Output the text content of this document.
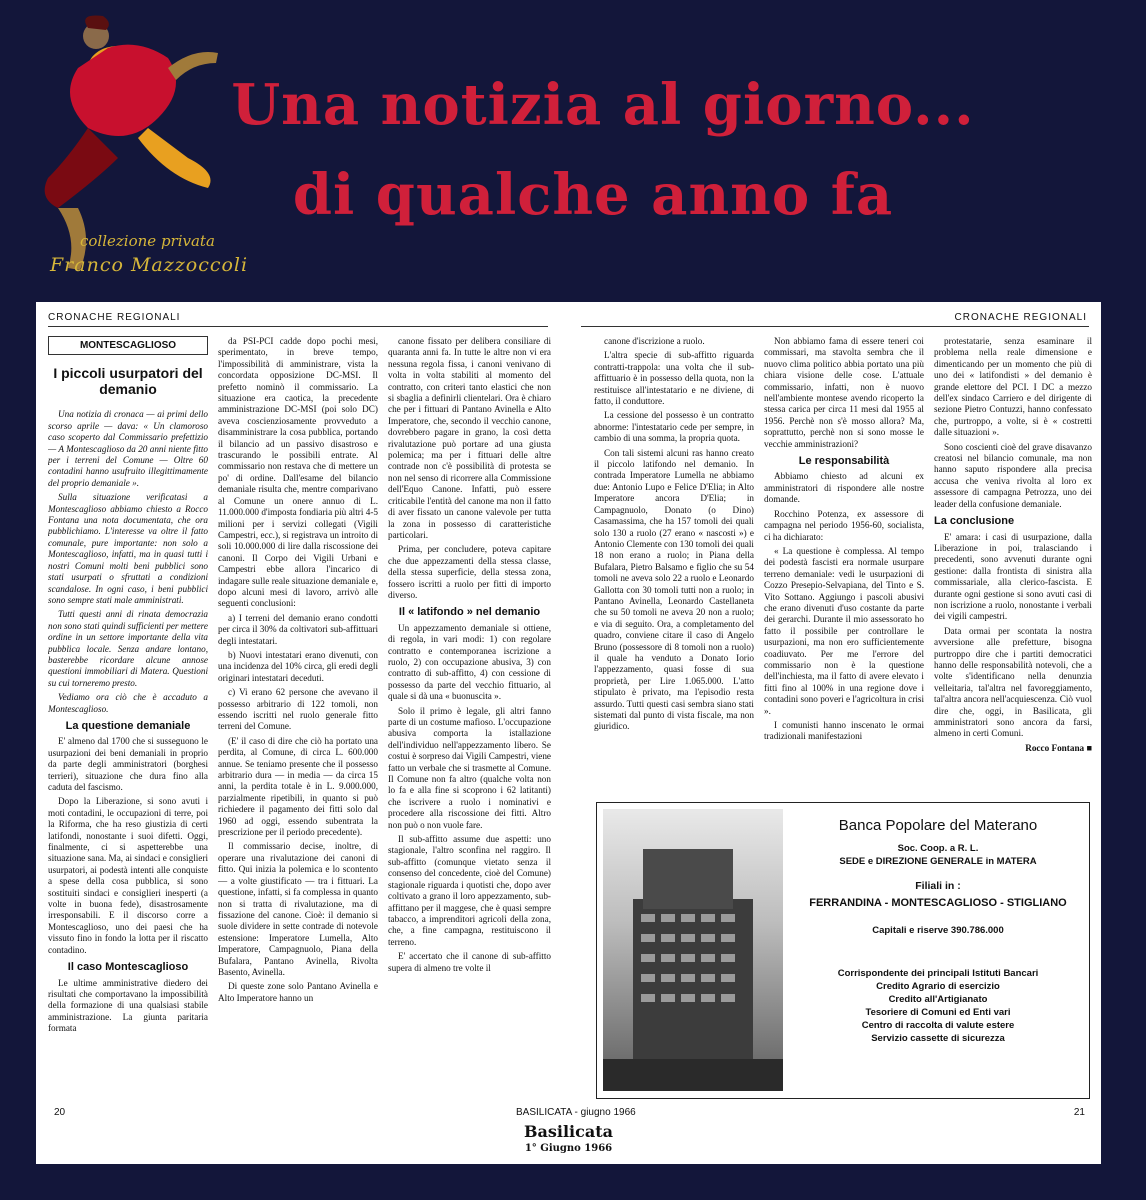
collezione privata
Franco Mazzoccoli
Una notizia al giorno...
di qualche anno fa
CRONACHE REGIONALI	CRONACHE REGIONALI
MONTESCAGLIOSO
I piccoli usurpatori del demanio

Una notizia di cronaca — ai primi dello scorso aprile — dava: « Un clamoroso caso scoperto dal Commissario prefettizio — A Montescaglioso da 20 anni niente fitto per i terreni del Comune — Oltre 60 contadini hanno usufruito illegittimamente del proprio demaniale ».

Sulla situazione verificatasi a Montescaglioso abbiamo chiesto a Rocco Fontana una nota documentata, che ora pubblichiamo. L'interesse va oltre il fatto comunale, pure importante: non solo a Montescaglioso, infatti, ma in quasi tutti i nostri Comuni molti beni pubblici sono stati usurpati o sfruttati a condizioni scandalose. In ogni caso, i beni pubblici sono sempre stati male amministrati.

Tutti questi anni di rinata democrazia non sono stati quindi sufficienti per mettere ordine in un settore importante della vita pubblica locale. Senza andare lontano, basterebbe ricordare alcune annose questioni immobiliari di Matera. Questioni su cui torneremo presto.

Vediamo ora ciò che è accaduto a Montescaglioso.

La questione demaniale

E' almeno dal 1700 che si susseguono le usurpazioni dei beni demaniali in proprio da parte degli amministratori (borghesi terrieri), situazione che dura fino alla caduta del fascismo.

Dopo la Liberazione, si sono avuti i moti contadini, le occupazioni di terre, poi la Riforma, che ha reso giustizia di certi latifondi, nonostante i suoi difetti. Oggi, finalmente, ci si aspetterebbe una situazione sana. Ma, ai sindaci e consiglieri usurpatori, ai podestà intenti alle conquiste a spese della cosa pubblica, si sono sostituiti sindaci e consiglieri inesperti (a volte in buona fede), disastrosamente irresponsabili. E il discorso corre a Montescaglioso, uno dei paesi che ha vissuto fino in fondo la lotta per il riscatto contadino.

Il caso Montescaglioso

Le ultime amministrative diedero dei risultati che comportavano la impossibilità della formazione di una qualsiasi stabile amministrazione. La giunta paritaria formata

da PSI-PCI cadde dopo pochi mesi, sperimentato, in breve tempo, l'impossibilità di amministrare, vista la concordata opposizione DC-MSI. Il prefetto nominò il commissario. La situazione era caotica, la precedente amministrazione DC-MSI (poi solo DC) aveva coscienziosamente provveduto a disamministrare la cosa pubblica, portando il bilancio ad un passivo disastroso e trascurando le possibili entrate. Al commissario non restava che di mettere un po' di ordine. Dall'esame del bilancio demaniale risulta che, mentre comparivano al Comune un onere annuo di L. 11.000.000 d'imposta fondiaria più altri 4-5 milioni per i servizi collegati (Vigili Campestri, ecc.), si registrava un introito di soli 10.000.000 di lire dalla riscossione dei canoni. Il Corpo dei Vigili Urbani e Campestri ebbe allora l'incarico di indagare sulle reale situazione demaniale e, dopo alcuni mesi di lavoro, arrivò alle seguenti conclusioni:

a) I terreni del demanio erano condotti per circa il 30% da coltivatori sub-affittuari degli intestatari.

b) Nuovi intestatari erano divenuti, con una incidenza del 10% circa, gli eredi degli originari intestatari deceduti.

c) Vi erano 62 persone che avevano il possesso arbitrario di 122 tomoli, non essendo iscritti nel ruolo generale fitto terreni del Comune.

(E' il caso di dire che ciò ha portato una perdita, al Comune, di circa L. 600.000 annue. Se teniamo presente che il possesso arbitrario dura — in media — da circa 15 anni, la perdita totale è in L. 9.000.000, parzialmente ripetibili, in quanto si può richiedere il pagamento dei fitti solo dal 1960 ad oggi, essendo subentrata la prescrizione per il periodo precedente).

Il commissario decise, inoltre, di operare una rivalutazione dei canoni di fitto. Qui inizia la polemica e lo scontento — a volte giustificato — tra i fittuari. La questione, infatti, si fa complessa in quanto non si tratta di rivalutazione, ma di fissazione del canone. Cioè: il demanio si suole dividere in sette contrade di notevole estensione: Imperatore Lumella, Alto Imperatore, Campagnuolo, Piana della Bufalara, Pantano Avinella, Rivolta Basento, Avinella.

Di queste zone solo Pantano Avinella e Alto Imperatore hanno un

canone fissato per delibera consiliare di quaranta anni fa. In tutte le altre non vi era nessuna regola fissa, i canoni venivano di volta in volta stabiliti al momento del contratto, con criteri tanto elastici che non si sbaglia a definirli clientelari. Ora è chiaro che per i fittuari di Pantano Avinella e Alto Imperatore, che, secondo il vecchio canone, dovrebbero pagare in grano, la così detta rivalutazione può portare ad una giusta polemica; ma per i fittuari delle altre contrade non c'è possibilità di protesta se non nel senso di ricorrere alla Commissione dell'Equo Canone. Infatti, può essere criticabile l'entità del canone ma non il fatto di aver fissato un canone valevole per tutta la zona in possesso di caratteristiche particolari.

Prima, per concludere, poteva capitare che due appezzamenti della stessa classe, della stessa superficie, della stessa zona, fossero iscritti a ruolo per fitti di importo diverso.

Il « latifondo » nel demanio

Un appezzamento demaniale si ottiene, di regola, in vari modi: 1) con regolare contratto e contemporanea iscrizione a ruolo, 2) con occupazione abusiva, 3) con contratto di sub-affitto, 4) con cessione di possesso da parte del vecchio fittuario, al quale si dà una « buonuscita ».

Solo il primo è legale, gli altri fanno parte di un costume mafioso. L'occupazione abusiva comporta la istallazione dell'individuo nell'appezzamento libero. Se costui è sorpreso dai Vigili Campestri, viene fatto un verbale che si trasmette al Comune. Il Comune non fa altro (qualche volta non lo fa e alla fine si scoprono i 62 latitanti) che iscrivere a ruolo i nominativi e procedere alla riscossione dei fitti. Altro non può o non vuole fare.

Il sub-affitto assume due aspetti: uno stagionale, l'altro sconfina nel raggiro. Il sub-affitto (comunque vietato senza il consenso del concedente, cioè del Comune) stagionale riguarda i quotisti che, dopo aver coltivato a grano il loro appezzamento, sub-affittano per il maggese, che è quasi sempre tabacco, a imprenditori agricoli della zona, che, a fine campagna, restituiscono il terreno.

E' accertato che il canone di sub-affitto supera di almeno tre volte il

canone d'iscrizione a ruolo.

L'altra specie di sub-affitto riguarda contratti-trappola: una volta che il sub-affittuario è in possesso della quota, non la restituisce all'intestatario e ne diviene, di fatto, il conduttore.

La cessione del possesso è un contratto abnorme: l'intestatario cede per sempre, in cambio di una somma, la propria quota.

Con tali sistemi alcuni ras hanno creato il piccolo latifondo nel demanio. In contrada Imperatore Lumella ne abbiamo due: Antonio Lupo e Felice D'Elia; in Alto Imperatore ancora D'Elia; in Campagnuolo, Donato (o Dino) Casamassima, che ha 157 tomoli dei quali solo 130 a ruolo (27 erano « nascosti ») e Antonio Clemente con 130 tomoli dei quali 18 non erano a ruolo; in Piana della Bufalara, Pietro Balsamo e figlio che su 54 tomoli ne aveva solo 22 a ruolo e Leonardo Gallotta con 30 tomoli tutti non a ruolo; in Pantano Avinella, Leonardo Castellaneta che su 50 tomoli ne aveva 20 non a ruolo; e via di seguito. Ora, a completamento del quadro, conviene citare il caso di Angelo Bruno (possessore di 8 tomoli non a ruolo) il quale ha venduto a Donato Iorio l'appezzamento, quasi fosse di sua proprietà, per Lire 1.065.000. L'atto stipulato è privato, ma l'episodio resta assurdo. Tutti questi casi sembra siano stati sistemati dal punto di vista fiscale, ma non giuridico.

Non abbiamo fama di essere teneri coi commissari, ma stavolta sembra che il nuovo clima politico abbia portato una più chiara visione delle cose. L'attuale commissario, infatti, non è nuovo nell'ambiente montese avendo ricoperto la stessa carica per circa 11 mesi dal 1955 al 1956. Perchè non s'è mosso allora? Ma, soprattutto, perchè non si sono mosse le vecchie amministrazioni?

Le responsabilità

Abbiamo chiesto ad alcuni ex amministratori di rispondere alle nostre domande.

Rocchino Potenza, ex assessore di campagna nel periodo 1956-60, socialista, ci ha dichiarato:

« La questione è complessa. Al tempo dei podestà fascisti era normale usurpare terreno demaniale: vedi le usurpazioni di Cozzo Presepio-Selvapiana, del Tinto e S. Vito Sottano. Aggiungo i pascoli abusivi che erano divenuti d'uso costante da parte dei gerarchi. Durante il mio assessorato ho fatto il possibile per controllare le usurpazioni, ma non ero sufficientemente coadiuvato. Per me l'errore del commissario non è la questione dell'inchiesta, ma il fatto di avere elevato i fitti fino al 100% in una regione dove i contadini sono poveri e l'agricoltura in crisi ».

I comunisti hanno inscenato le ormai tradizionali manifestazioni

protestatarie, senza esaminare il problema nella reale dimensione e dimenticando per un momento che più di uno dei « latifondisti » del demanio è grande elettore del PCI. I DC a mezzo dell'ex sindaco Carriero e del dirigente di sezione Pietro Contuzzi, hanno confessato che, purtroppo, a volte, si è « costretti dalle situazioni ».

Sono coscienti cioè del grave disavanzo creatosi nel bilancio comunale, ma non hanno saputo rispondere alla precisa accusa che veniva rivolta al loro ex assessore di campagna Petrozza, uno dei leader della confusione demaniale.

La conclusione

E' amara: i casi di usurpazione, dalla Liberazione in poi, tralasciando i precedenti, sono avvenuti durante ogni gestione: dalla frontista di sinistra alla commissariale, alla clerico-fascista. E durante ogni gestione si sono avuti casi di non iscrizione a ruolo, nonostante i verbali dei vigili campestri.

Data ormai per scontata la nostra avversione alle prefetture, bisogna purtroppo dire che i partiti democratici hanno delle responsabilità notevoli, che a volte s'identificano nella denunzia velleitaria, tal'altra nel favoreggiamento, tal'altra ancora nell'acquiescenza. Ciò vuol dire che, oggi, in Basilicata, gli amministratori sono ancora da farsi, almeno in certi Comuni.

Rocco Fontana ■

Banca Popolare del Materano
Soc. Coop. a R. L.
SEDE e DIREZIONE GENERALE in MATERA
Filiali in :
FERRANDINA - MONTESCAGLIOSO - STIGLIANO
Capitali e riserve 390.786.000
Corrispondente dei principali Istituti Bancari
Credito Agrario di esercizio
Credito all'Artigianato
Tesoriere di Comuni ed Enti vari
Centro di raccolta di valute estere
Servizio cassette di sicurezza
20	BASILICATA - giugno 1966	21
Basilicata
1° Giugno 1966
